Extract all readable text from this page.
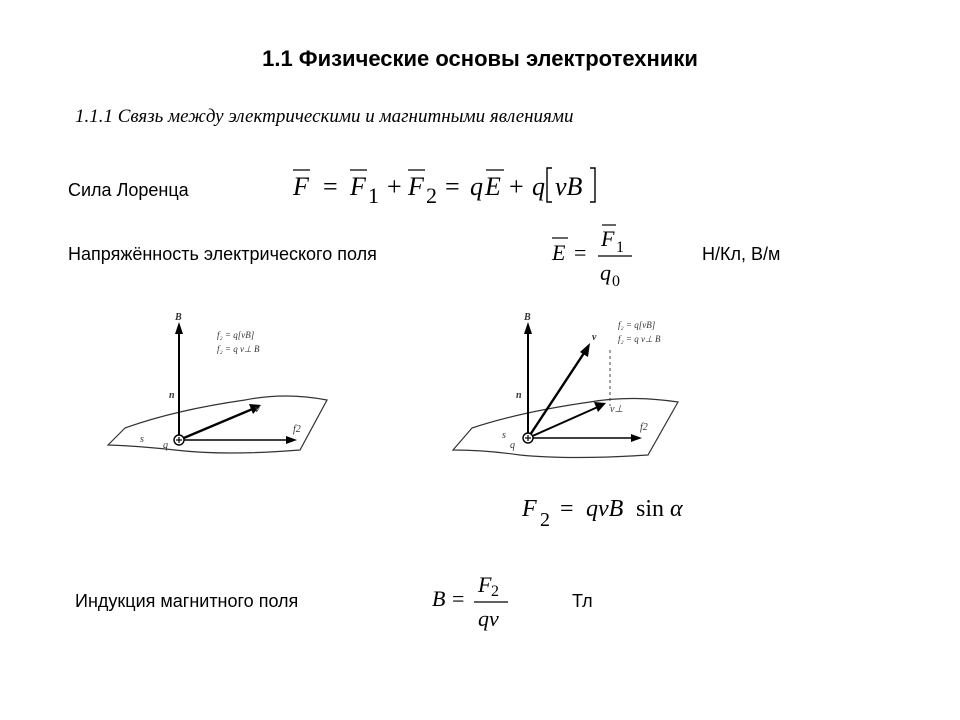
1.1 Физические основы электротехники
1.1.1 Связь между электрическими и магнитными явлениями
Сила Лоренца	F = F 1 + F 2 = q E + q vB
Напряжённость электрического поля	E =
F 1
q 0
Н/Кл, В/м
B
n
v
s
q
f2
f₂ = q[vB]
f₂ = q v⊥ B
B
n
v
v⊥
s
q
f2
f₂ = q[vB]
f₂ = q v⊥ B
F 2 = qvB sin α
Индукция магнитного поля	B =
F 2
qv
Тл
